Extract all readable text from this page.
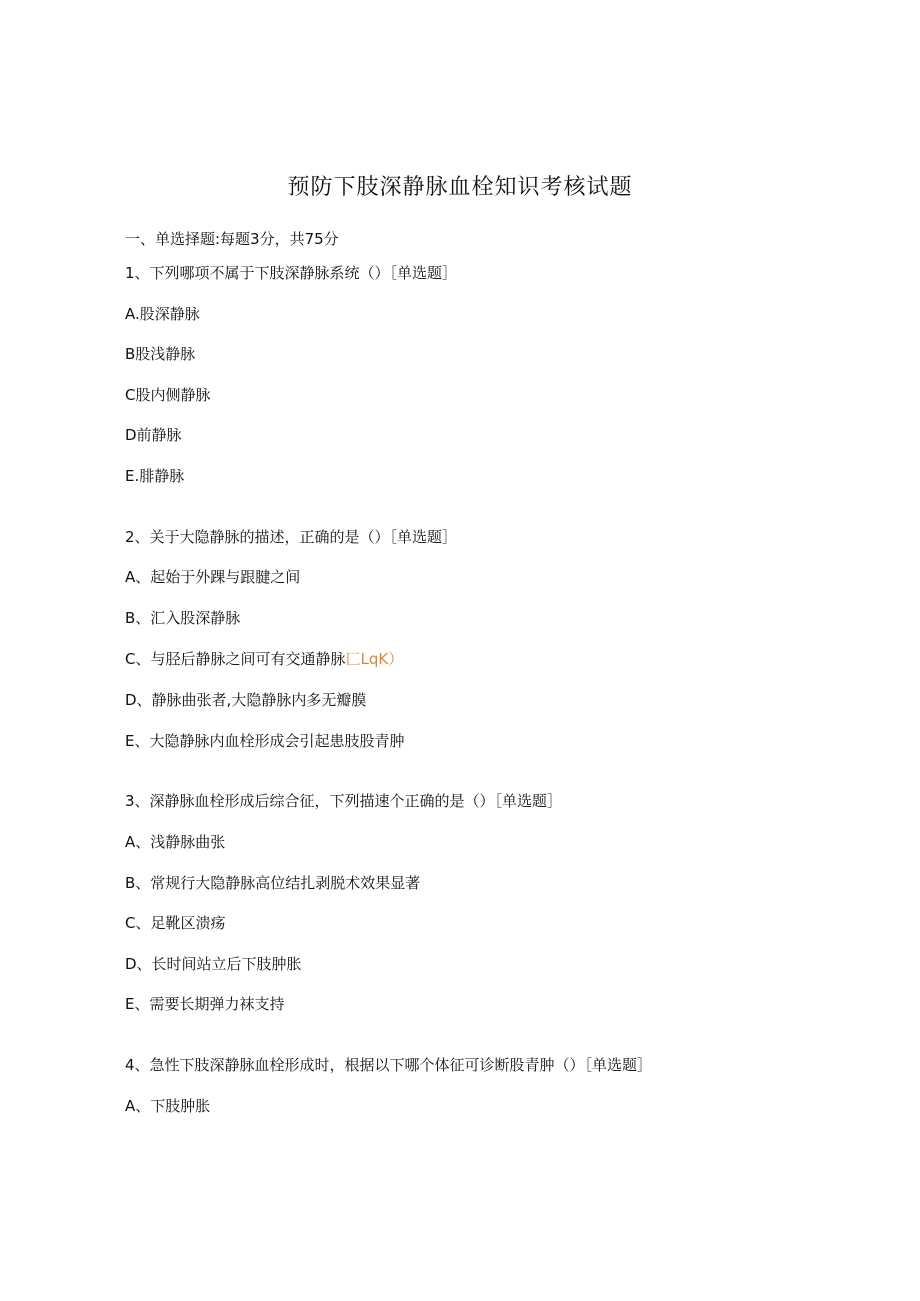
预防下肢深静脉血栓知识考核试题
一、单选择题:每题3分，共75分
1、下列哪项不属于下肢深静脉系统（）［单选题］
A.股深静脉
B股浅静脉
C股内侧静脉
D前静脉
E.腓静脉
2、关于大隐静脉的描述，正确的是（）［单选题］
A、起始于外踝与跟腱之间
B、汇入股深静脉
C、与胫后静脉之间可有交通静脉匚LqK）
D、静脉曲张者,大隐静脉内多无瓣膜
E、大隐静脉内血栓形成会引起患肢股青肿
3、深静脉血栓形成后综合征，下列描速个正确的是（）［单选题］
A、浅静脉曲张
B、常规行大隐静脉高位结扎剥脱术效果显著
C、足靴区溃疡
D、长时间站立后下肢肿胀
E、需要长期弹力袜支持
4、急性下肢深静脉血栓形成时，根据以下哪个体征可诊断股青肿（）［单选题］
A、下肢肿胀
